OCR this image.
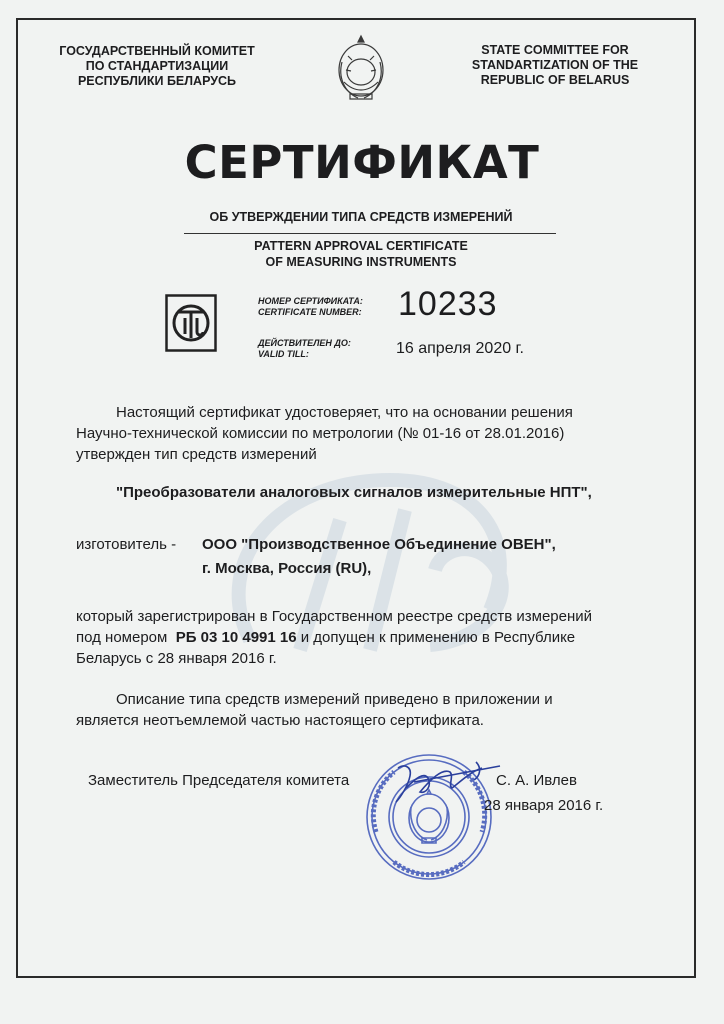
ГОСУДАРСТВЕННЫЙ КОМИТЕТ
ПО СТАНДАРТИЗАЦИИ
РЕСПУБЛИКИ БЕЛАРУСЬ
STATE COMMITTEE FOR
STANDARTIZATION OF THE
REPUBLIC OF BELARUS
СЕРТИФИКАТ
ОБ УТВЕРЖДЕНИИ ТИПА СРЕДСТВ ИЗМЕРЕНИЙ
PATTERN APPROVAL CERTIFICATE
OF MEASURING INSTRUMENTS
НОМЕР СЕРТИФИКАТА:
CERTIFICATE NUMBER: 10233
ДЕЙСТВИТЕЛЕН ДО:
VALID TILL:	16 апреля 2020 г.
Настоящий сертификат удостоверяет, что на основании решения
Научно-технической комиссии по метрологии (№ 01-16 от 28.01.2016)
утвержден тип средств измерений
"Преобразователи аналоговых сигналов измерительные НПТ",
изготовитель - ООО "Производственное Объединение ОВЕН",
г. Москва, Россия (RU),
который зарегистрирован в Государственном реестре средств измерений
под номером РБ 03 10 4991 16 и допущен к применению в Республике
Беларусь с 28 января 2016 г.
Описание типа средств измерений приведено в приложении и
является неотъемлемой частью настоящего сертификата.
Заместитель Председателя комитета	С. А. Ивлев
28 января 2016 г.
